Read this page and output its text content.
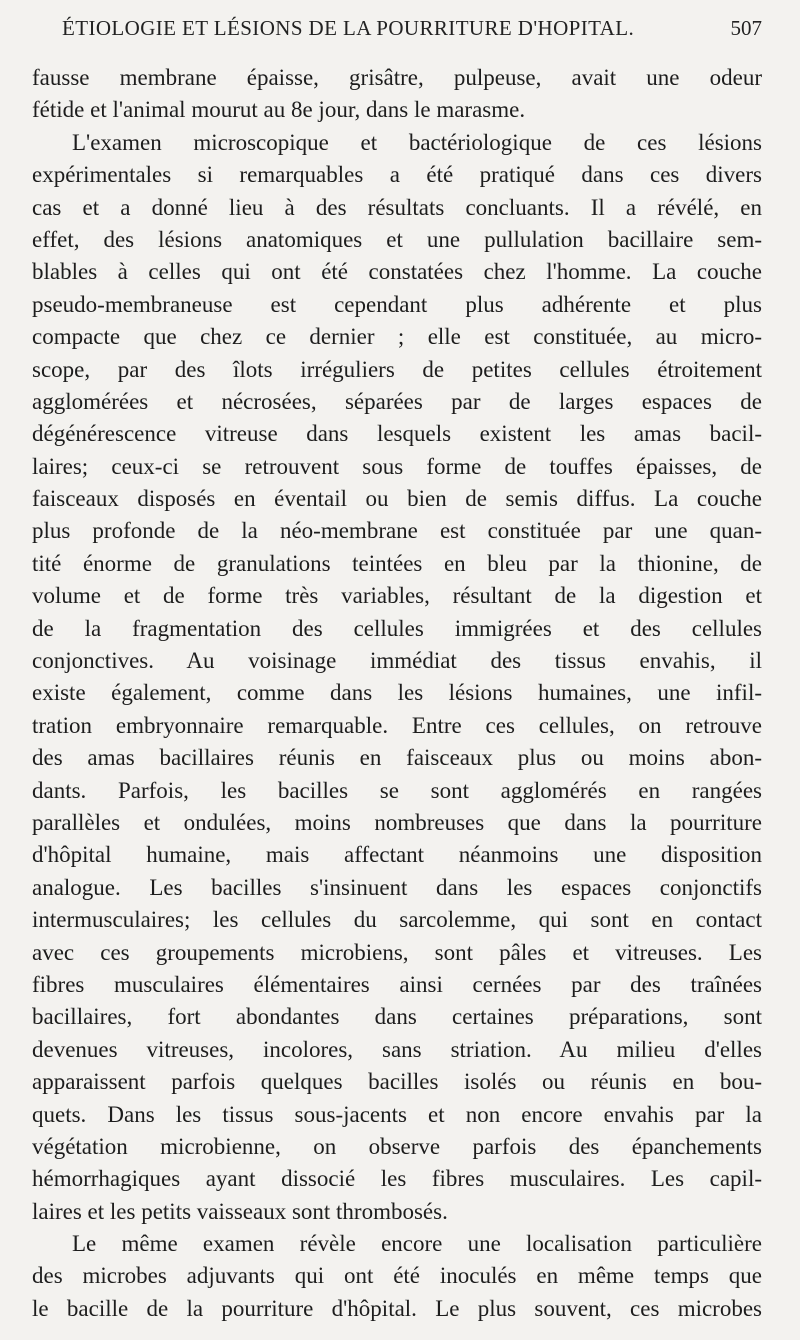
ÉTIOLOGIE ET LÉSIONS DE LA POURRITURE D'HOPITAL.	507
fausse membrane épaisse, grisâtre, pulpeuse, avait une odeur
fétide et l'animal mourut au 8e jour, dans le marasme.
L'examen microscopique et bactériologique de ces lésions
expérimentales si remarquables a été pratiqué dans ces divers
cas et a donné lieu à des résultats concluants. Il a révélé, en
effet, des lésions anatomiques et une pullulation bacillaire sem-
blables à celles qui ont été constatées chez l'homme. La couche
pseudo-membraneuse est cependant plus adhérente et plus
compacte que chez ce dernier ; elle est constituée, au micro-
scope, par des îlots irréguliers de petites cellules étroitement
agglomérées et nécrosées, séparées par de larges espaces de
dégénérescence vitreuse dans lesquels existent les amas bacil-
laires; ceux-ci se retrouvent sous forme de touffes épaisses, de
faisceaux disposés en éventail ou bien de semis diffus. La couche
plus profonde de la néo-membrane est constituée par une quan-
tité énorme de granulations teintées en bleu par la thionine, de
volume et de forme très variables, résultant de la digestion et
de la fragmentation des cellules immigrées et des cellules
conjonctives. Au voisinage immédiat des tissus envahis, il
existe également, comme dans les lésions humaines, une infil-
tration embryonnaire remarquable. Entre ces cellules, on retrouve
des amas bacillaires réunis en faisceaux plus ou moins abon-
dants. Parfois, les bacilles se sont agglomérés en rangées
parallèles et ondulées, moins nombreuses que dans la pourriture
d'hôpital humaine, mais affectant néanmoins une disposition
analogue. Les bacilles s'insinuent dans les espaces conjonctifs
intermusculaires; les cellules du sarcolemme, qui sont en contact
avec ces groupements microbiens, sont pâles et vitreuses. Les
fibres musculaires élémentaires ainsi cernées par des traînées
bacillaires, fort abondantes dans certaines préparations, sont
devenues vitreuses, incolores, sans striation. Au milieu d'elles
apparaissent parfois quelques bacilles isolés ou réunis en bou-
quets. Dans les tissus sous-jacents et non encore envahis par la
végétation microbienne, on observe parfois des épanchements
hémorrhagiques ayant dissocié les fibres musculaires. Les capil-
laires et les petits vaisseaux sont thrombosés.
Le même examen révèle encore une localisation particulière
des microbes adjuvants qui ont été inoculés en même temps que
le bacille de la pourriture d'hôpital. Le plus souvent, ces microbes
